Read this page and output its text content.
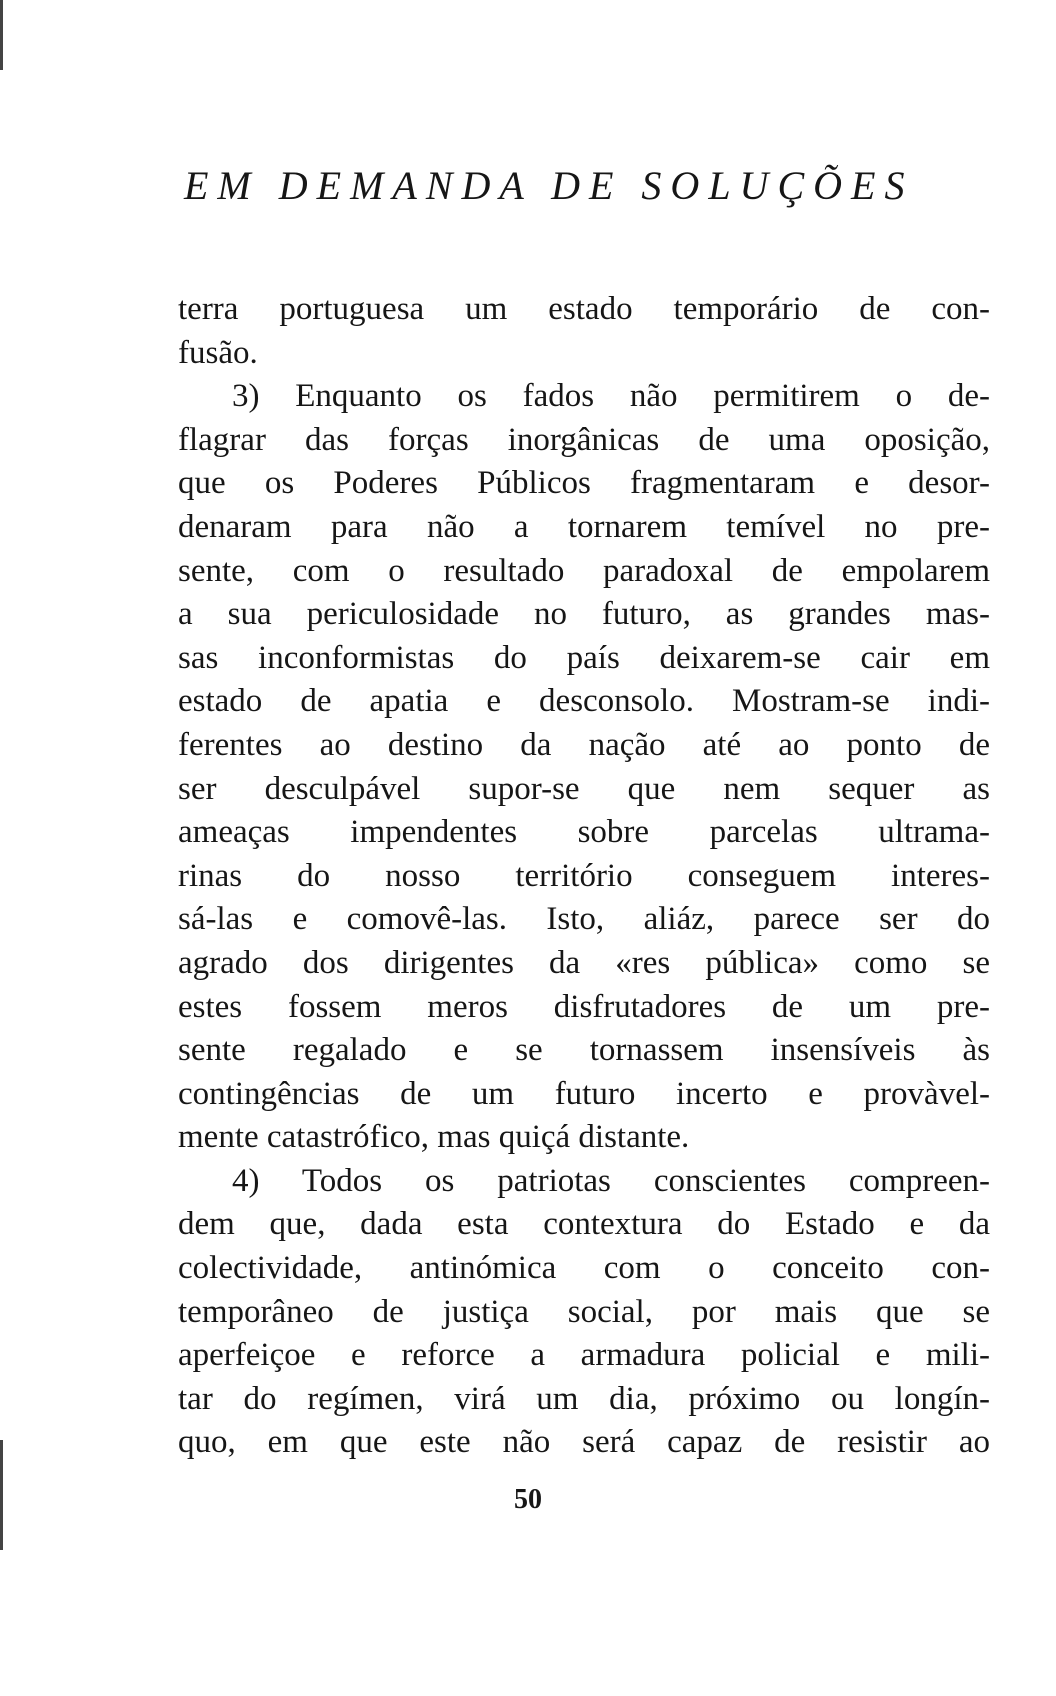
EM DEMANDA DE SOLUÇÕES
terra portuguesa um estado temporário de con-
fusão.
3) Enquanto os fados não permitirem o de-
flagrar das forças inorgânicas de uma oposição,
que os Poderes Públicos fragmentaram e desor-
denaram para não a tornarem temível no pre-
sente, com o resultado paradoxal de empolarem
a sua periculosidade no futuro, as grandes mas-
sas inconformistas do país deixarem-se cair em
estado de apatia e desconsolo. Mostram-se indi-
ferentes ao destino da nação até ao ponto de
ser desculpável supor-se que nem sequer as
ameaças impendentes sobre parcelas ultrama-
rinas do nosso território conseguem interes-
sá-las e comovê-las. Isto, aliáz, parece ser do
agrado dos dirigentes da «res pública» como se
estes fossem meros disfrutadores de um pre-
sente regalado e se tornassem insensíveis às
contingências de um futuro incerto e provàvel-
mente catastrófico, mas quiçá distante.
4) Todos os patriotas conscientes compreen-
dem que, dada esta contextura do Estado e da
colectividade, antinómica com o conceito con-
temporâneo de justiça social, por mais que se
aperfeiçoe e reforce a armadura policial e mili-
tar do regímen, virá um dia, próximo ou longín-
quo, em que este não será capaz de resistir ao
50
